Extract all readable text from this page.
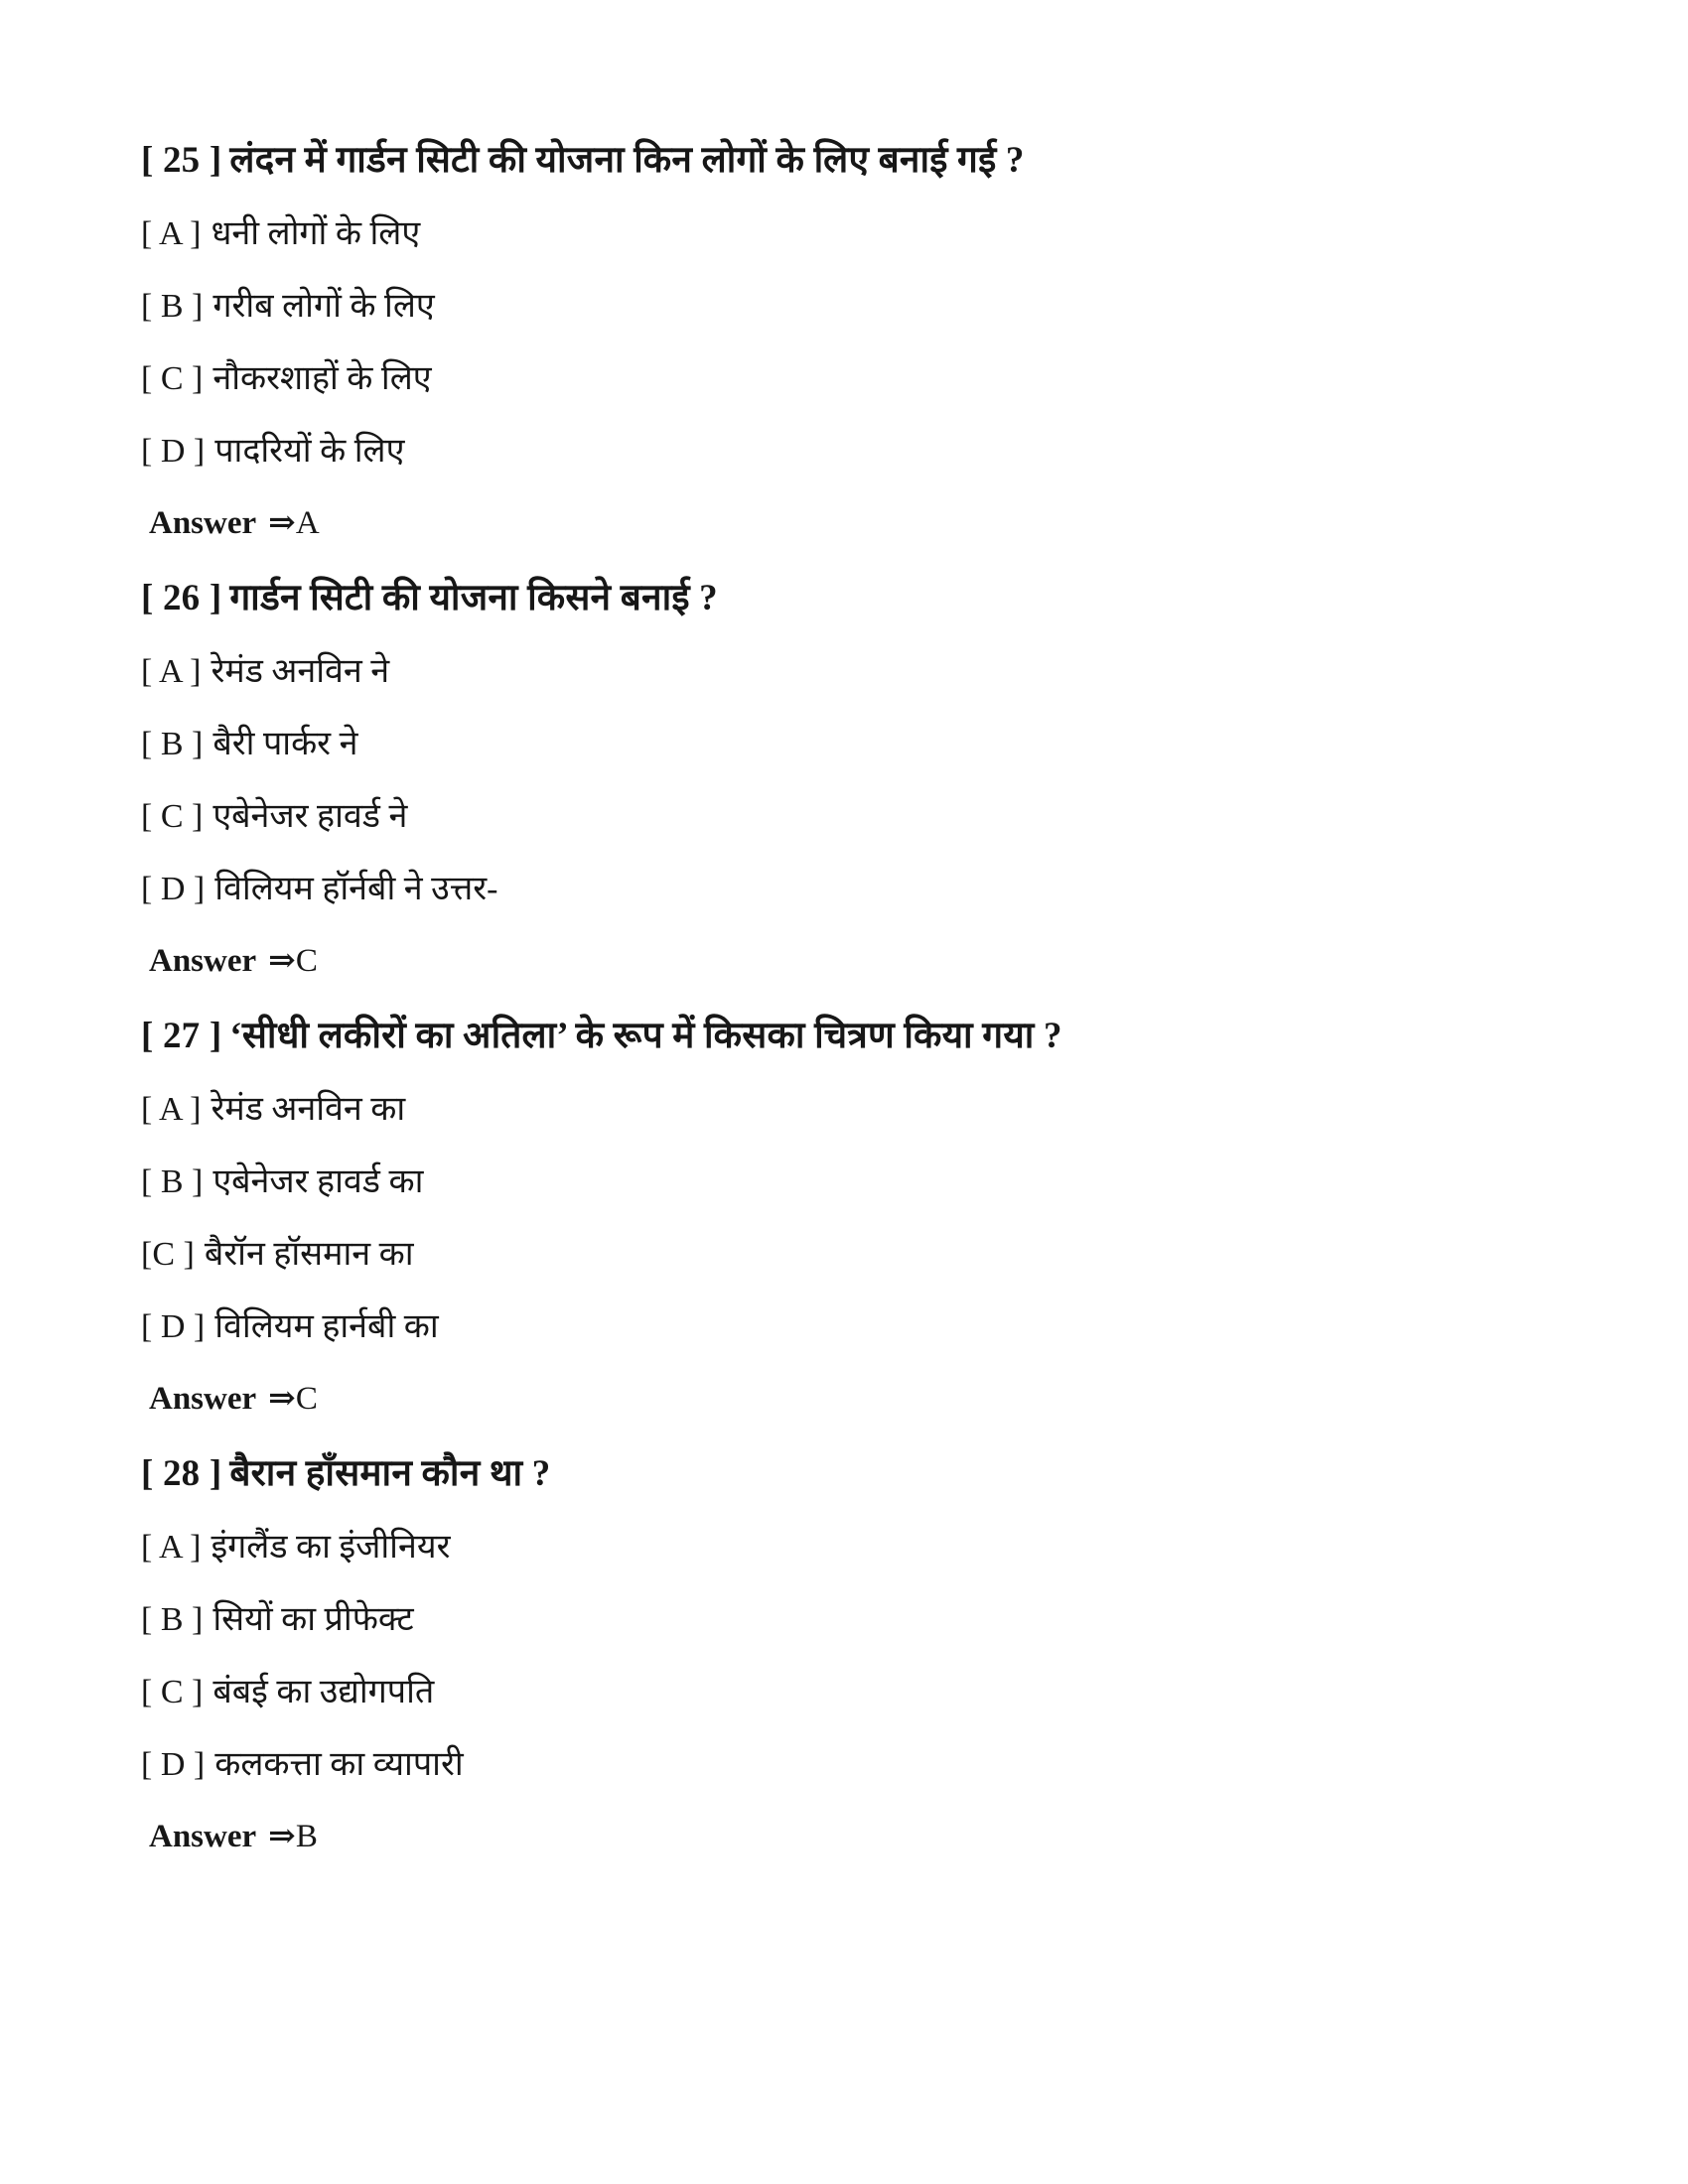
[ 25 ] लंदन में गार्डन सिटी की योजना किन लोगों के लिए बनाई गई ?
[ A ] धनी लोगों के लिए
[ B ] गरीब लोगों के लिए
[ C ] नौकरशाहों के लिए
[ D ] पादरियों के लिए
Answer ⇒A
[ 26 ] गार्डन सिटी की योजना किसने बनाई ?
[ A ] रेमंड अनविन ने
[ B ] बैरी पार्कर ने
[ C ] एबेनेजर हावर्ड ने
[ D ] विलियम हॉर्नबी ने उत्तर-
Answer ⇒C
[ 27 ] ‘सीधी लकीरों का अतिला’ के रूप में किसका चित्रण किया गया ?
[ A ] रेमंड अनविन का
[ B ] एबेनेजर हावर्ड का
[C ] बैरॉन हॉसमान का
[ D ] विलियम हार्नबी का
Answer ⇒C
[ 28 ] बैरान हाँसमान कौन था ?
[ A ] इंगलैंड का इंजीनियर
[ B ] सियों का प्रीफेक्ट
[ C ] बंबई का उद्योगपति
[ D ] कलकत्ता का व्यापारी
Answer ⇒B
